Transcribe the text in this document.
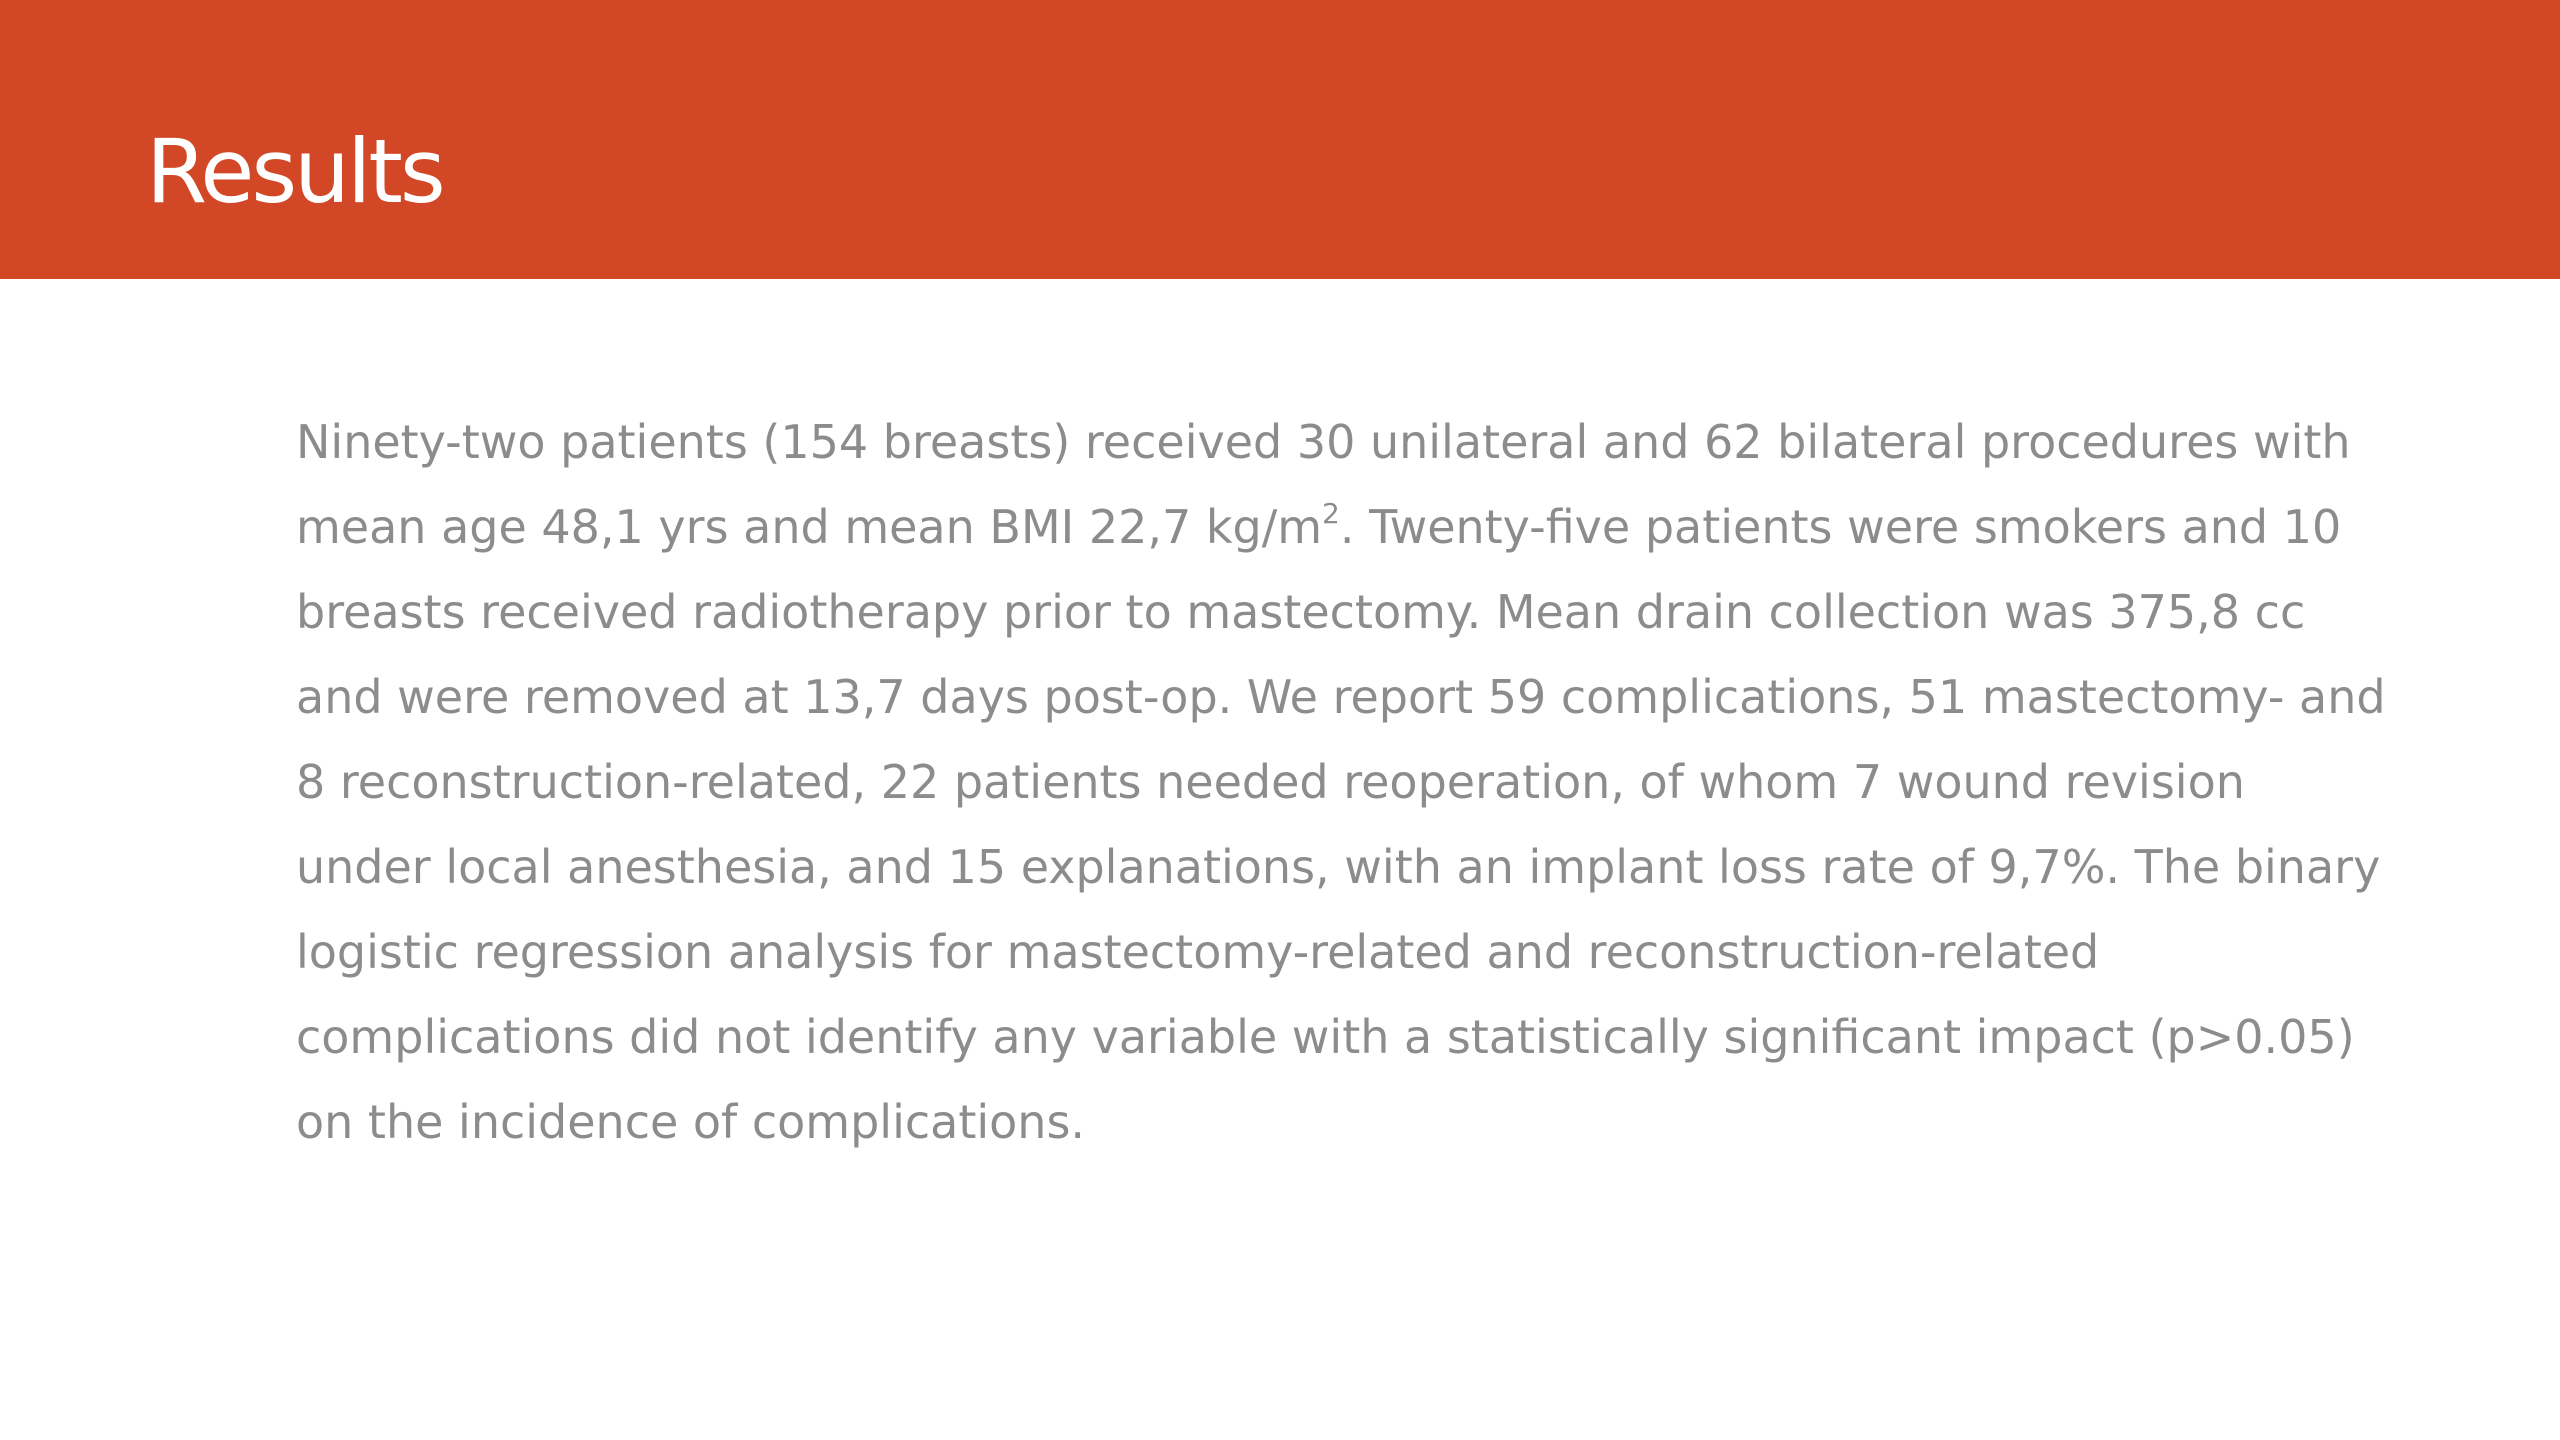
Results
Ninety-two patients (154 breasts) received 30 unilateral and 62 bilateral procedures with
mean age 48,1 yrs and mean BMI 22,7 $kg/m^2$. Twenty-five patients were smokers and 10
breasts received radiotherapy prior to mastectomy. Mean drain collection was 375,8 cc
and were removed at 13,7 days post-op. We report 59 complications, 51 mastectomy- and
8 reconstruction-related, 22 patients needed reoperation, of whom 7 wound revision
under local anesthesia, and 15 explanations, with an implant loss rate of 9,7%. The binary
logistic regression analysis for mastectomy-related and reconstruction-related
complications did not identify any variable with a statistically significant impact (p>0.05)
on the incidence of complications.
